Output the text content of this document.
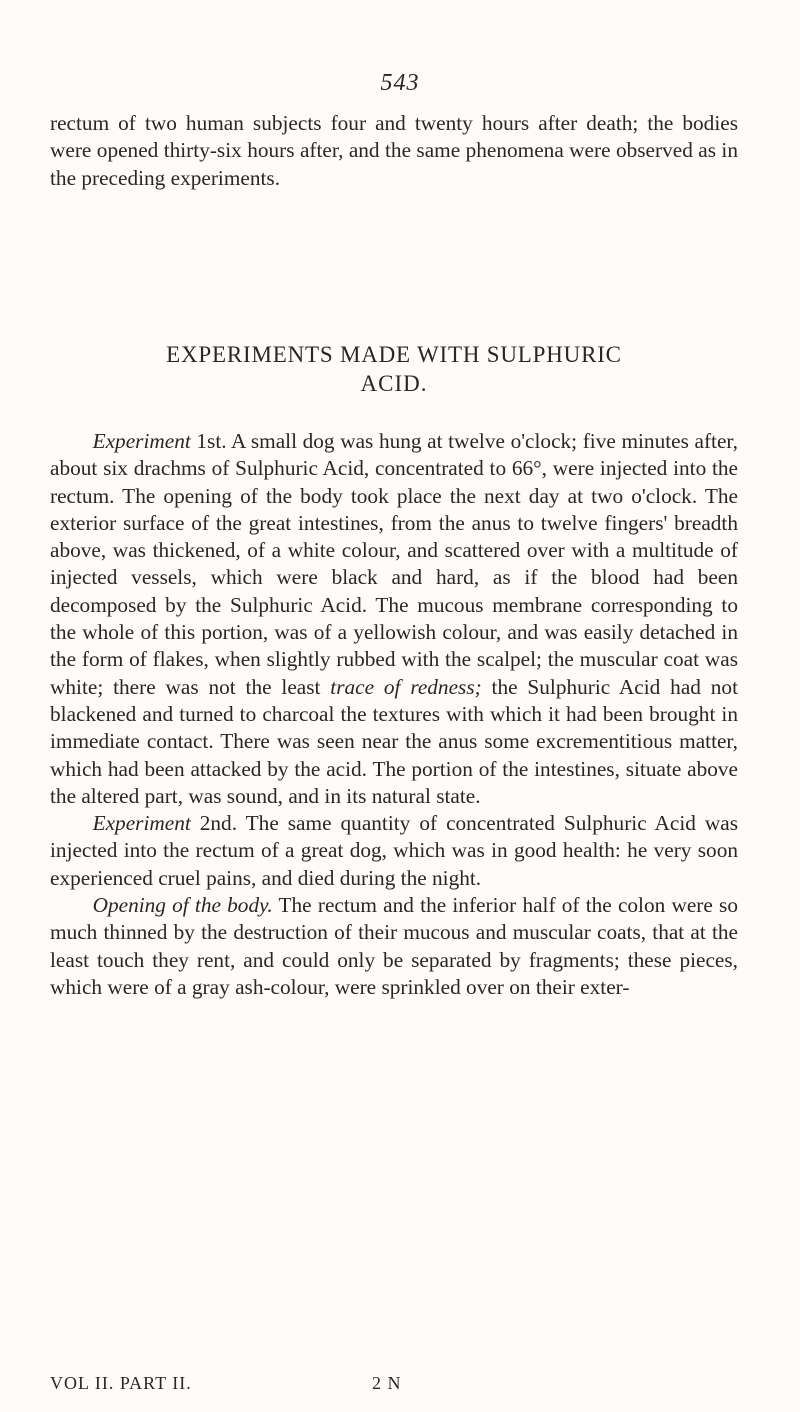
543

rectum of two human subjects four and twenty hours after death; the bodies were opened thirty-six hours after, and the same phenomena were observed as in the preceding experiments.

EXPERIMENTS MADE WITH SULPHURIC
ACID.

Experiment 1st. A small dog was hung at twelve o'clock; five minutes after, about six drachms of Sulphuric Acid, concentrated to 66°, were injected into the rectum. The opening of the body took place the next day at two o'clock. The exterior surface of the great intestines, from the anus to twelve fingers' breadth above, was thickened, of a white colour, and scattered over with a multitude of injected vessels, which were black and hard, as if the blood had been decomposed by the Sulphuric Acid. The mucous membrane corresponding to the whole of this portion, was of a yellowish colour, and was easily detached in the form of flakes, when slightly rubbed with the scalpel; the muscular coat was white; there was not the least trace of redness; the Sulphuric Acid had not blackened and turned to charcoal the textures with which it had been brought in immediate contact. There was seen near the anus some excrementitious matter, which had been attacked by the acid. The portion of the intestines, situate above the altered part, was sound, and in its natural state.

Experiment 2nd. The same quantity of concentrated Sulphuric Acid was injected into the rectum of a great dog, which was in good health: he very soon experienced cruel pains, and died during the night.

Opening of the body. The rectum and the inferior half of the colon were so much thinned by the destruction of their mucous and muscular coats, that at the least touch they rent, and could only be separated by fragments; these pieces, which were of a gray ash-colour, were sprinkled over on their exter-

VOL II. PART II.	2 N
